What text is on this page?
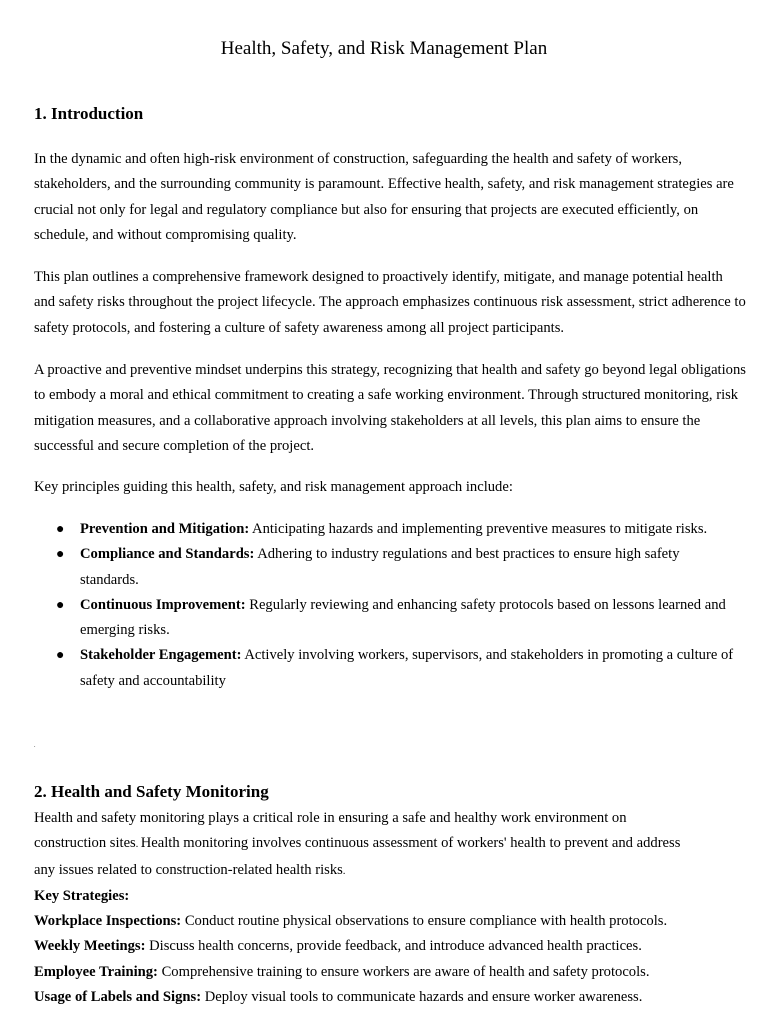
Health, Safety, and Risk Management Plan
1. Introduction

In the dynamic and often high-risk environment of construction, safeguarding the health and safety of workers, stakeholders, and the surrounding community is paramount. Effective health, safety, and risk management strategies are crucial not only for legal and regulatory compliance but also for ensuring that projects are executed efficiently, on schedule, and without compromising quality.

This plan outlines a comprehensive framework designed to proactively identify, mitigate, and manage potential health and safety risks throughout the project lifecycle. The approach emphasizes continuous risk assessment, strict adherence to safety protocols, and fostering a culture of safety awareness among all project participants.

A proactive and preventive mindset underpins this strategy, recognizing that health and safety go beyond legal obligations to embody a moral and ethical commitment to creating a safe working environment. Through structured monitoring, risk mitigation measures, and a collaborative approach involving stakeholders at all levels, this plan aims to ensure the successful and secure completion of the project.

Key principles guiding this health, safety, and risk management approach include:

● Prevention and Mitigation: Anticipating hazards and implementing preventive measures to mitigate risks.
● Compliance and Standards: Adhering to industry regulations and best practices to ensure high safety standards.
● Continuous Improvement: Regularly reviewing and enhancing safety protocols based on lessons learned and emerging risks.
● Stakeholder Engagement: Actively involving workers, supervisors, and stakeholders in promoting a culture of safety and accountability
.
2. Health and Safety Monitoring
Health and safety monitoring plays a critical role in ensuring a safe and healthy work environment on
construction sites. Health monitoring involves continuous assessment of workers' health to prevent and address
any issues related to construction-related health risks.
Key Strategies:
Workplace Inspections: Conduct routine physical observations to ensure compliance with health protocols.
Weekly Meetings: Discuss health concerns, provide feedback, and introduce advanced health practices.
Employee Training: Comprehensive training to ensure workers are aware of health and safety protocols.
Usage of Labels and Signs: Deploy visual tools to communicate hazards and ensure worker awareness.
